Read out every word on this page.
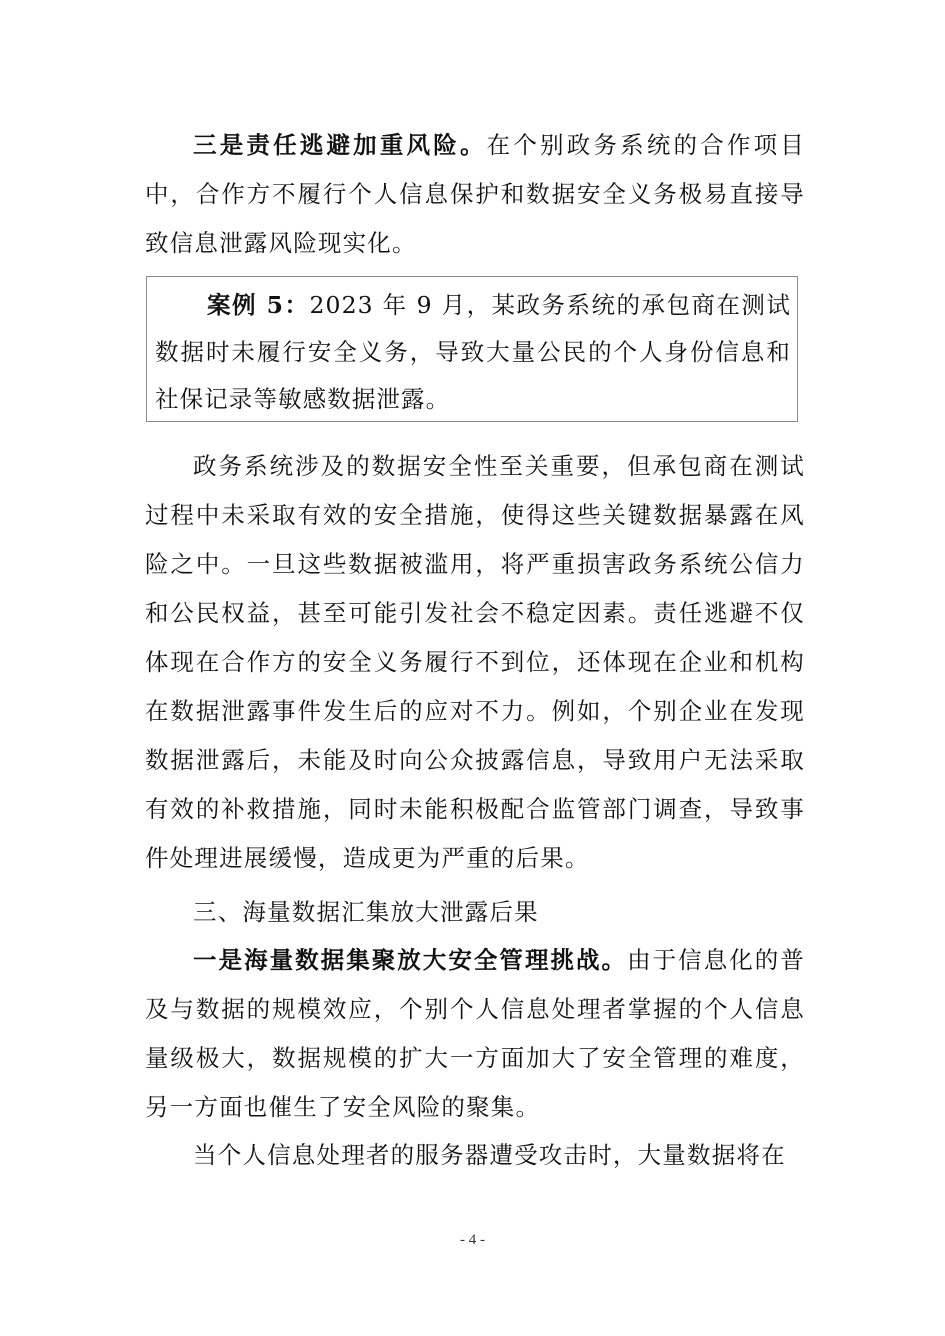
三是责任逃避加重风险。在个别政务系统的合作项目中，合作方不履行个人信息保护和数据安全义务极易直接导致信息泄露风险现实化。

案例 5：2023 年 9 月，某政务系统的承包商在测试数据时未履行安全义务，导致大量公民的个人身份信息和社保记录等敏感数据泄露。

政务系统涉及的数据安全性至关重要，但承包商在测试过程中未采取有效的安全措施，使得这些关键数据暴露在风险之中。一旦这些数据被滥用，将严重损害政务系统公信力和公民权益，甚至可能引发社会不稳定因素。责任逃避不仅体现在合作方的安全义务履行不到位，还体现在企业和机构在数据泄露事件发生后的应对不力。例如，个别企业在发现数据泄露后，未能及时向公众披露信息，导致用户无法采取有效的补救措施，同时未能积极配合监管部门调查，导致事件处理进展缓慢，造成更为严重的后果。

三、海量数据汇集放大泄露后果

一是海量数据集聚放大安全管理挑战。由于信息化的普及与数据的规模效应，个别个人信息处理者掌握的个人信息量级极大，数据规模的扩大一方面加大了安全管理的难度，另一方面也催生了安全风险的聚集。

当个人信息处理者的服务器遭受攻击时，大量数据将在

- 4 -
